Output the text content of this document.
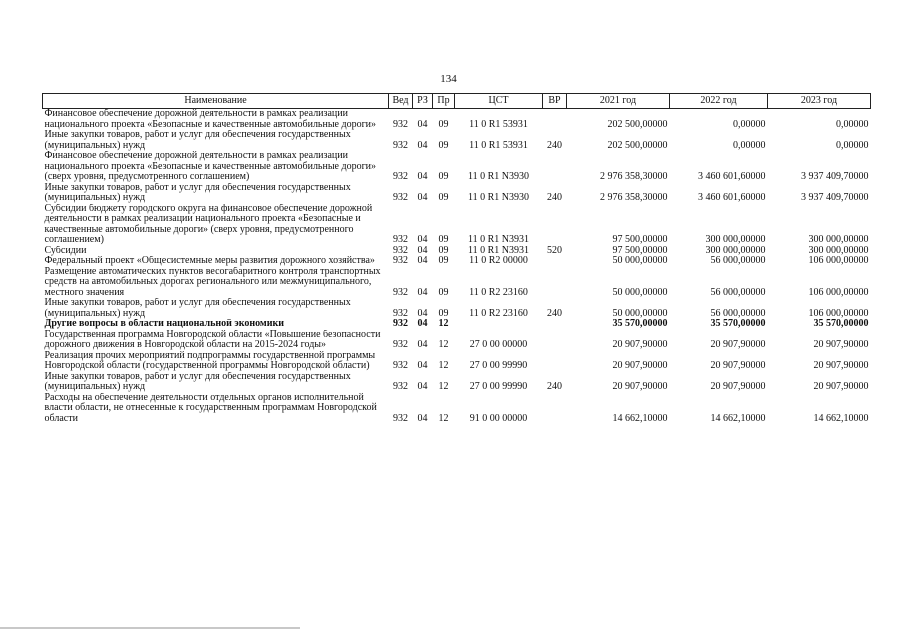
134
Наименование	Вед	РЗ	Пр	ЦСТ	ВР	2021 год	2022 год	2023 год
Финансовое обеспечение дорожной деятельности в рамках реализации национального проекта «Безопасные и качественные автомобильные дороги»	932	04	09	11 0 R1 53931		202 500,00000	0,00000	0,00000
Иные закупки товаров, работ и услуг для обеспечения государственных (муниципальных) нужд	932	04	09	11 0 R1 53931	240	202 500,00000	0,00000	0,00000
Финансовое обеспечение дорожной деятельности в рамках реализации национального проекта «Безопасные и качественные автомобильные дороги» (сверх уровня, предусмотренного соглашением)	932	04	09	11 0 R1 N3930		2 976 358,30000	3 460 601,60000	3 937 409,70000
Иные закупки товаров, работ и услуг для обеспечения государственных (муниципальных) нужд	932	04	09	11 0 R1 N3930	240	2 976 358,30000	3 460 601,60000	3 937 409,70000
Субсидии бюджету городского округа на финансовое обеспечение дорожной деятельности в рамках реализации национального проекта «Безопасные и качественные автомобильные дороги» (сверх уровня, предусмотренного соглашением)	932	04	09	11 0 R1 N3931		97 500,00000	300 000,00000	300 000,00000
Субсидии	932	04	09	11 0 R1 N3931	520	97 500,00000	300 000,00000	300 000,00000
Федеральный проект «Общесистемные меры развития дорожного хозяйства»	932	04	09	11 0 R2 00000		50 000,00000	56 000,00000	106 000,00000
Размещение автоматических пунктов весогабаритного контроля транспортных средств на автомобильных дорогах регионального или межмуниципального, местного значения	932	04	09	11 0 R2 23160		50 000,00000	56 000,00000	106 000,00000
Иные закупки товаров, работ и услуг для обеспечения государственных (муниципальных) нужд	932	04	09	11 0 R2 23160	240	50 000,00000	56 000,00000	106 000,00000
Другие вопросы в области национальной экономики	932	04	12			35 570,00000	35 570,00000	35 570,00000
Государственная программа Новгородской области «Повышение безопасности дорожного движения в Новгородской области на 2015-2024 годы»	932	04	12	27 0 00 00000		20 907,90000	20 907,90000	20 907,90000
Реализация прочих мероприятий подпрограммы государственной программы Новгородской области (государственной программы Новгородской области)	932	04	12	27 0 00 99990		20 907,90000	20 907,90000	20 907,90000
Иные закупки товаров, работ и услуг для обеспечения государственных (муниципальных) нужд	932	04	12	27 0 00 99990	240	20 907,90000	20 907,90000	20 907,90000
Расходы на обеспечение деятельности отдельных органов исполнительной власти области, не отнесенные к государственным программам Новгородской области	932	04	12	91 0 00 00000		14 662,10000	14 662,10000	14 662,10000
